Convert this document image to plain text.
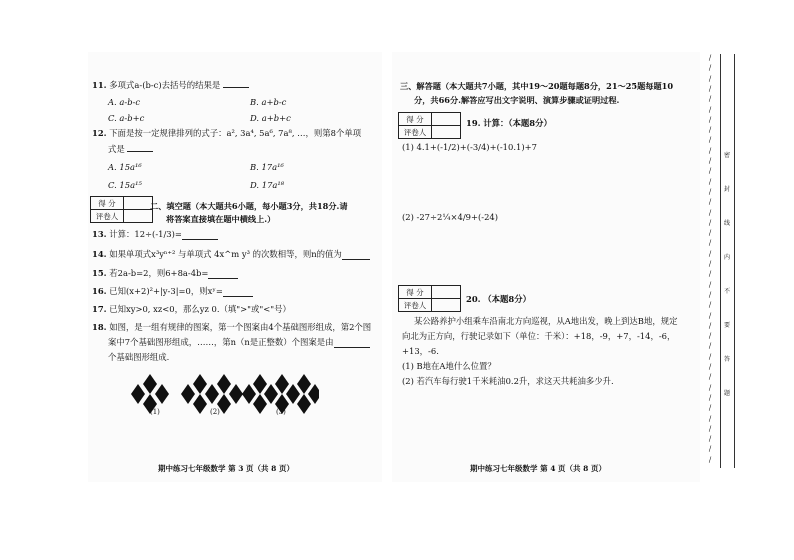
11. 多项式a-(b-c)去括号的结果是
A. a-b-c	B. a+b-c
C. a-b+c	D. a+b+c
12. 下面是按一定规律排列的式子：a², 3a⁴, 5a⁶, 7a⁸, …，则第8个单项
式是
A. 15a¹⁶	B. 17a¹⁶
C. 15a¹⁵	D. 17a¹⁸
得 分	
评卷人	
二、填空题（本大题共6小题，每小题3分，共18分.请
将答案直接填在题中横线上.）
13. 计算：12÷(-1/3)=
14. 如果单项式x³yⁿ⁺² 与单项式 4x^m y³ 的次数相等，则n的值为
15. 若2a-b=2，则6+8a-4b=
16. 已知(x+2)²+|y-3|=0，则xʸ=
17. 已知xy>0, xz<0，那么yz 0.（填">"或"<"号）
18. 如图，是一组有规律的图案，第一个图案由4个基础图形组成，第2个图
案中7个基础图形组成，……，第n（n是正整数）个图案是由
个基础图形组成.
(1)	(2)	(3)
期中练习七年级数学 第 3 页（共 8 页）
三、解答题（本大题共7小题，其中19～20题每题8分，21～25题每题10
分，共66分.解答应写出文字说明、演算步骤或证明过程.
得 分	
评卷人	
19. 计算：（本题8分）
(1) 4.1+(-1/2)+(-3/4)+(-10.1)+7
(2) -27÷2¼×4/9+(-24)
得 分	
评卷人	
20. （本题8分）
某公路养护小组乘车沿南北方向巡视，从A地出发，晚上到达B地，规定
向北为正方向，行驶记录如下（单位：千米）：+18，-9，+7，-14，-6，
+13，-6.
(1) B地在A地什么位置？
(2) 若汽车每行驶1千米耗油0.2升，求这天共耗油多少升.
期中练习七年级数学 第 4 页（共 8 页）
/
/
/
/
/
/
/
/
/
/
/
/
/
/
/
/
/
/
/
/
/
/
/
/
/
/
/
/
/
/
/
/
/
/
/
/
/
/
/
/
密
封
线
内
不
要
答
题
